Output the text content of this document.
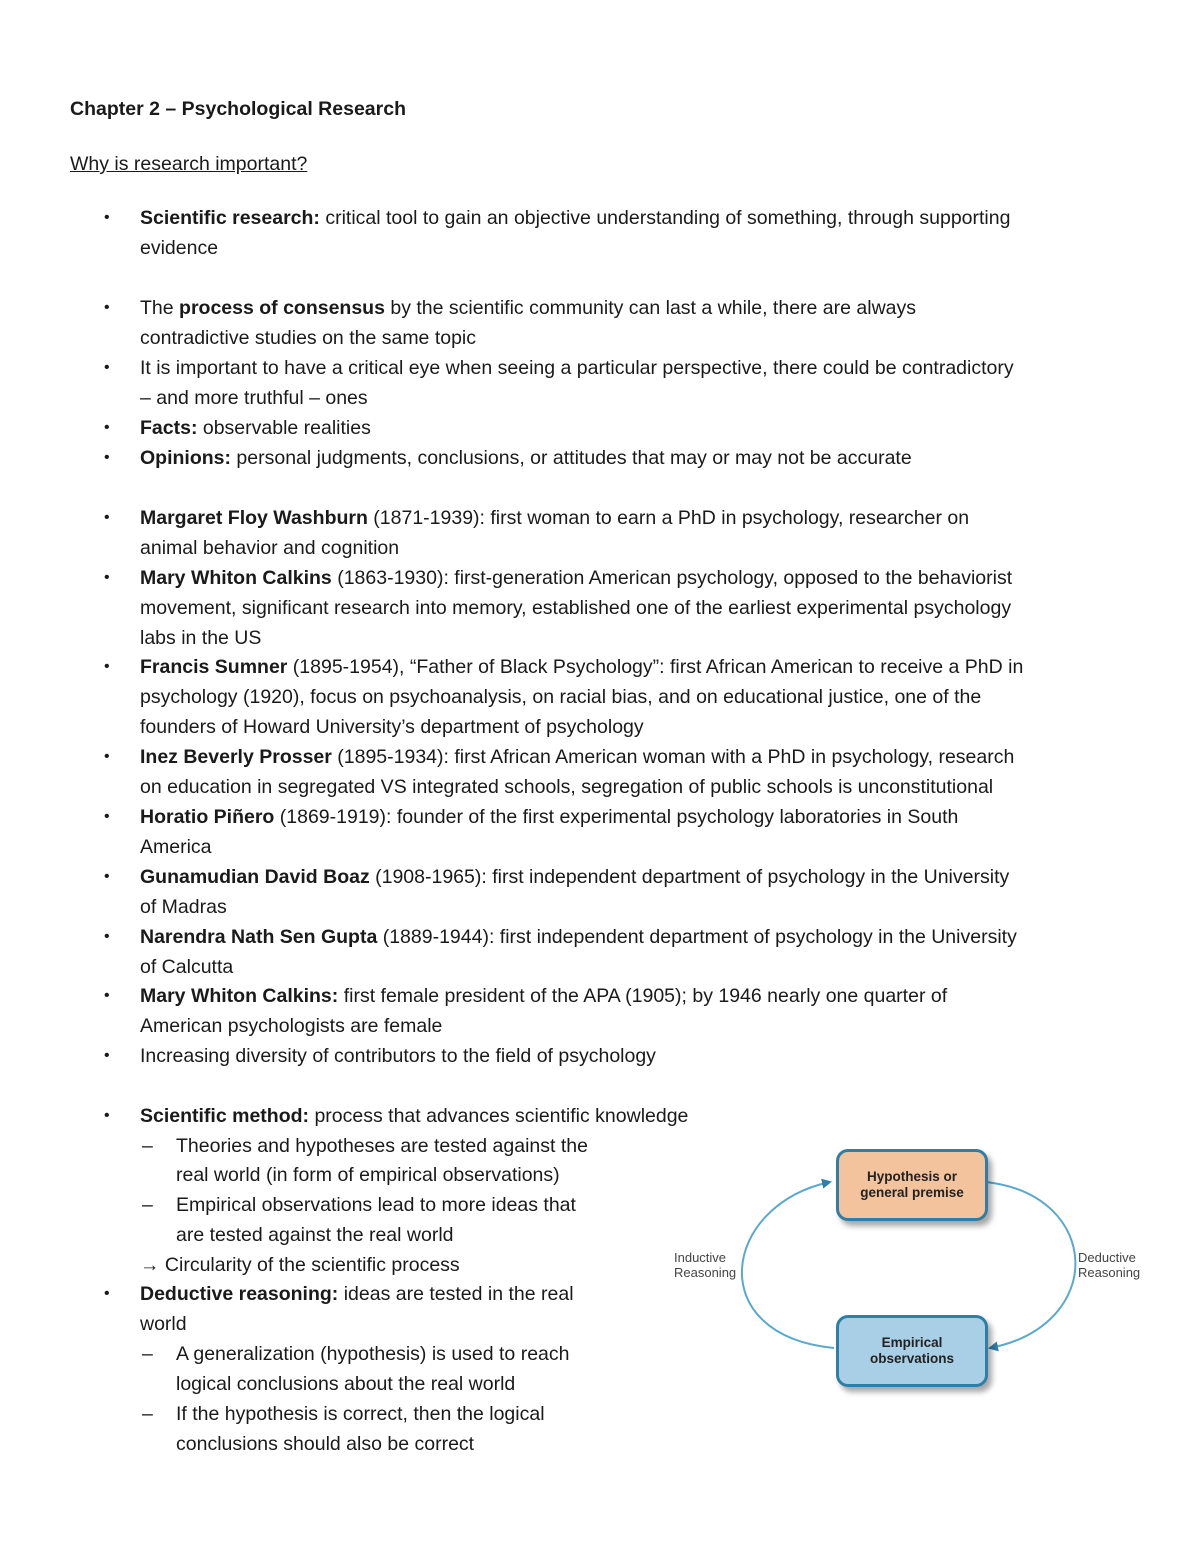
Chapter 2 – Psychological Research

Why is research important?

• Scientific research: critical tool to gain an objective understanding of something, through supporting
evidence
• The process of consensus by the scientific community can last a while, there are always
contradictive studies on the same topic
• It is important to have a critical eye when seeing a particular perspective, there could be contradictory
– and more truthful – ones
• Facts: observable realities
• Opinions: personal judgments, conclusions, or attitudes that may or may not be accurate
• Margaret Floy Washburn (1871-1939): first woman to earn a PhD in psychology, researcher on
animal behavior and cognition
• Mary Whiton Calkins (1863-1930): first-generation American psychology, opposed to the behaviorist
movement, significant research into memory, established one of the earliest experimental psychology
labs in the US
• Francis Sumner (1895-1954), “Father of Black Psychology”: first African American to receive a PhD in
psychology (1920), focus on psychoanalysis, on racial bias, and on educational justice, one of the
founders of Howard University’s department of psychology
• Inez Beverly Prosser (1895-1934): first African American woman with a PhD in psychology, research
on education in segregated VS integrated schools, segregation of public schools is unconstitutional
• Horatio Piñero (1869-1919): founder of the first experimental psychology laboratories in South
America
• Gunamudian David Boaz (1908-1965): first independent department of psychology in the University
of Madras
• Narendra Nath Sen Gupta (1889-1944): first independent department of psychology in the University
of Calcutta
• Mary Whiton Calkins: first female president of the APA (1905); by 1946 nearly one quarter of
American psychologists are female
• Increasing diversity of contributors to the field of psychology
• Scientific method: process that advances scientific knowledge
– Theories and hypotheses are tested against the
real world (in form of empirical observations)
– Empirical observations lead to more ideas that
are tested against the real world
→ Circularity of the scientific process
• Deductive reasoning: ideas are tested in the real
world
– A generalization (hypothesis) is used to reach
logical conclusions about the real world
– If the hypothesis is correct, then the logical
conclusions should also be correct
Hypothesis or
general premise
Empirical
observations
Inductive
Reasoning
Deductive
Reasoning
